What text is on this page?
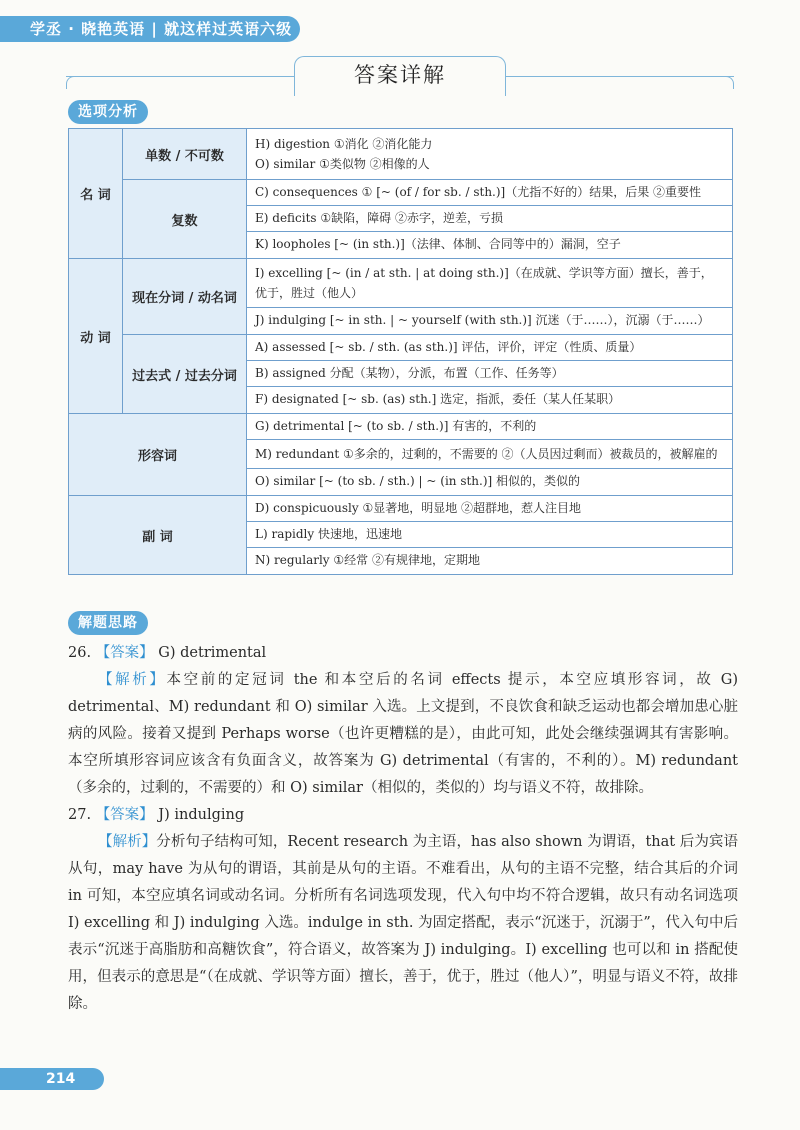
学丞 · 晓艳英语 | 就这样过英语六级
答案详解
选项分析
名 词	单数 / 不可数	H) digestion ①消化 ②消化能力
O) similar ①类似物 ②相像的人

	复数	C) consequences ① [~ (of / for sb. / sth.)]（尤指不好的）结果，后果 ②重要性
E) deficits ①缺陷，障碍 ②赤字，逆差，亏损
K) loopholes [~ (in sth.)]（法律、体制、合同等中的）漏洞，空子

动 词	现在分词 / 动名词	I) excelling [~ (in / at sth. | at doing sth.)]（在成就、学识等方面）擅长，善于，优于，胜过（他人）
J) indulging [~ in sth. | ~ yourself (with sth.)] 沉迷（于……），沉溺（于……）

	过去式 / 过去分词	A) assessed [~ sb. / sth. (as sth.)] 评估，评价，评定（性质、质量）
B) assigned 分配（某物），分派，布置（工作、任务等）
F) designated [~ sb. (as) sth.] 选定，指派，委任（某人任某职）

形容词		G) detrimental [~ (to sb. / sth.)] 有害的，不利的
M) redundant ①多余的，过剩的，不需要的 ②（人员因过剩而）被裁员的，被解雇的
O) similar [~ (to sb. / sth.) | ~ (in sth.)] 相似的，类似的

副 词		D) conspicuously ①显著地，明显地 ②超群地，惹人注目地
L) rapidly 快速地，迅速地
N) regularly ①经常 ②有规律地，定期地
解题思路

26. 【答案】 G) detrimental

【解析】本空前的定冠词 the 和本空后的名词 effects 提示，本空应填形容词，故 G) detrimental、M) redundant 和 O) similar 入选。上文提到，不良饮食和缺乏运动也都会增加患心脏病的风险。接着又提到 Perhaps worse（也许更糟糕的是），由此可知，此处会继续强调其有害影响。本空所填形容词应该含有负面含义，故答案为 G) detrimental（有害的，不利的）。M) redundant（多余的，过剩的，不需要的）和 O) similar（相似的，类似的）均与语义不符，故排除。

27. 【答案】 J) indulging

【解析】分析句子结构可知，Recent research 为主语，has also shown 为谓语，that 后为宾语从句，may have 为从句的谓语，其前是从句的主语。不难看出，从句的主语不完整，结合其后的介词 in 可知，本空应填名词或动名词。分析所有名词选项发现，代入句中均不符合逻辑，故只有动名词选项 I) excelling 和 J) indulging 入选。indulge in sth. 为固定搭配，表示“沉迷于，沉溺于”，代入句中后表示“沉迷于高脂肪和高糖饮食”，符合语义，故答案为 J) indulging。I) excelling 也可以和 in 搭配使用，但表示的意思是“（在成就、学识等方面）擅长，善于，优于，胜过（他人）”，明显与语义不符，故排除。

214
